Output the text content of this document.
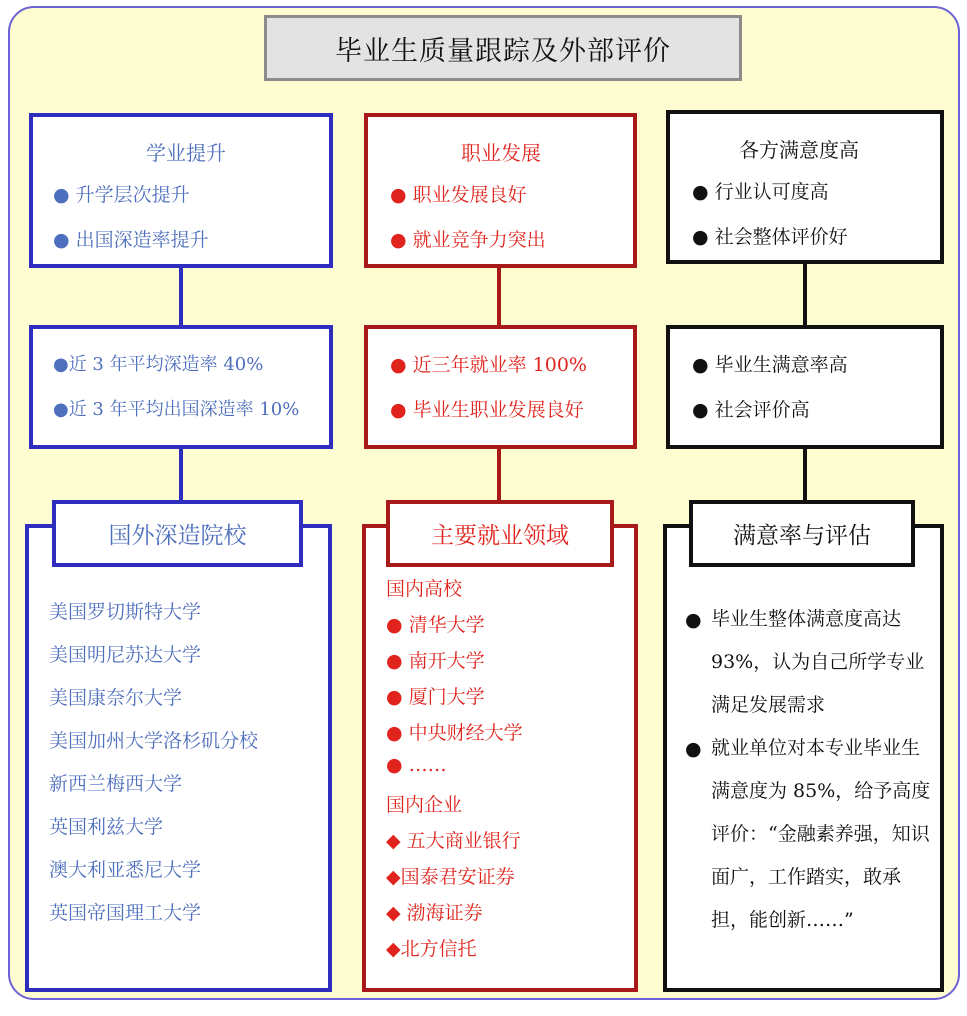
毕业生质量跟踪及外部评价
学业提升
● 升学层次提升
● 出国深造率提升
●近 3 年平均深造率 40%
●近 3 年平均出国深造率 10%
美国罗切斯特大学
美国明尼苏达大学
美国康奈尔大学
美国加州大学洛杉矶分校
新西兰梅西大学
英国利兹大学
澳大利亚悉尼大学
英国帝国理工大学
国外深造院校
职业发展
● 职业发展良好
● 就业竞争力突出
● 近三年就业率 100%
● 毕业生职业发展良好
国内高校
● 清华大学
● 南开大学
● 厦门大学
● 中央财经大学
● ……
国内企业
◆ 五大商业银行
◆国泰君安证券
◆ 渤海证券
◆北方信托
主要就业领域
各方满意度高
● 行业认可度高
● 社会整体评价好
● 毕业生满意率高
● 社会评价高
● 毕业生整体满意度高达93%，认为自己所学专业满足发展需求
● 就业单位对本专业毕业生满意度为 85%，给予高度评价：“金融素养强，知识面广，工作踏实，敢承担，能创新……”
满意率与评估
